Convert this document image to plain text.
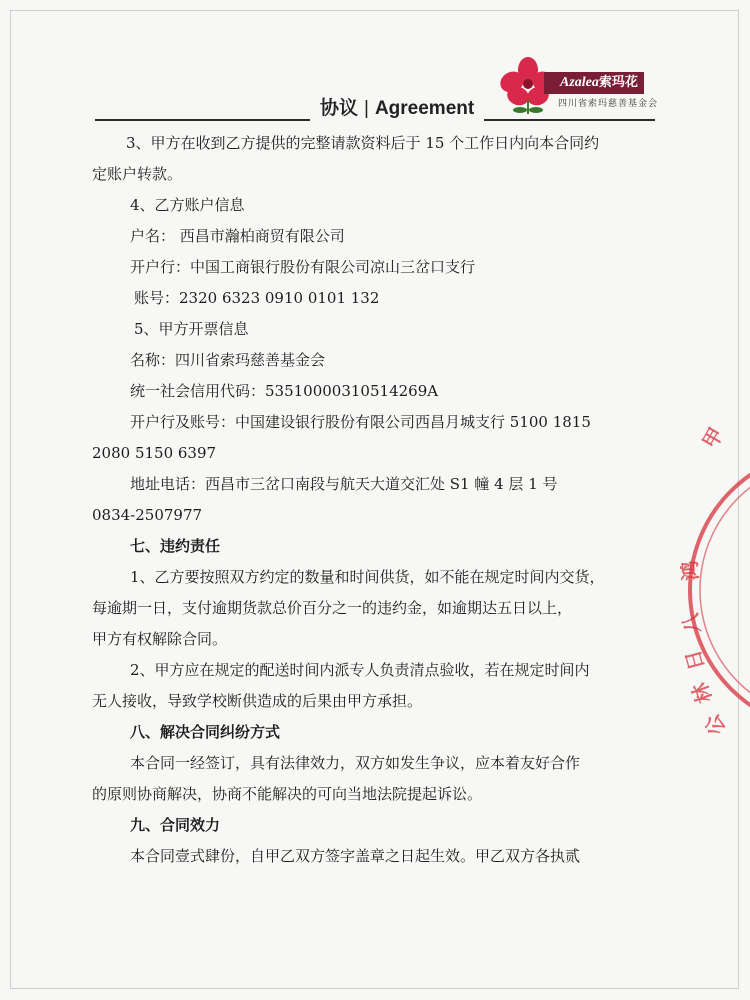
Azalea索玛花
四川省索玛慈善基金会
协议 | Agreement
甲
鸿
八
日
林
公

3、甲方在收到乙方提供的完整请款资料后于 15 个工作日内向本合同约

定账户转款。

4、乙方账户信息

户名： 西昌市瀚柏商贸有限公司

开户行：中国工商银行股份有限公司凉山三岔口支行

账号：2320 6323 0910 0101 132

5、甲方开票信息

名称：四川省索玛慈善基金会

统一社会信用代码：53510000310514269A

开户行及账号：中国建设银行股份有限公司西昌月城支行 5100 1815

2080 5150 6397

地址电话：西昌市三岔口南段与航天大道交汇处 S1 幢 4 层 1 号

0834-2507977

七、违约责任

1、乙方要按照双方约定的数量和时间供货，如不能在规定时间内交货，

每逾期一日，支付逾期货款总价百分之一的违约金，如逾期达五日以上，

甲方有权解除合同。

2、甲方应在规定的配送时间内派专人负责清点验收，若在规定时间内

无人接收，导致学校断供造成的后果由甲方承担。

八、解决合同纠纷方式

本合同一经签订，具有法律效力，双方如发生争议，应本着友好合作

的原则协商解决，协商不能解决的可向当地法院提起诉讼。

九、合同效力

本合同壹式肆份，自甲乙双方签字盖章之日起生效。甲乙双方各执贰
